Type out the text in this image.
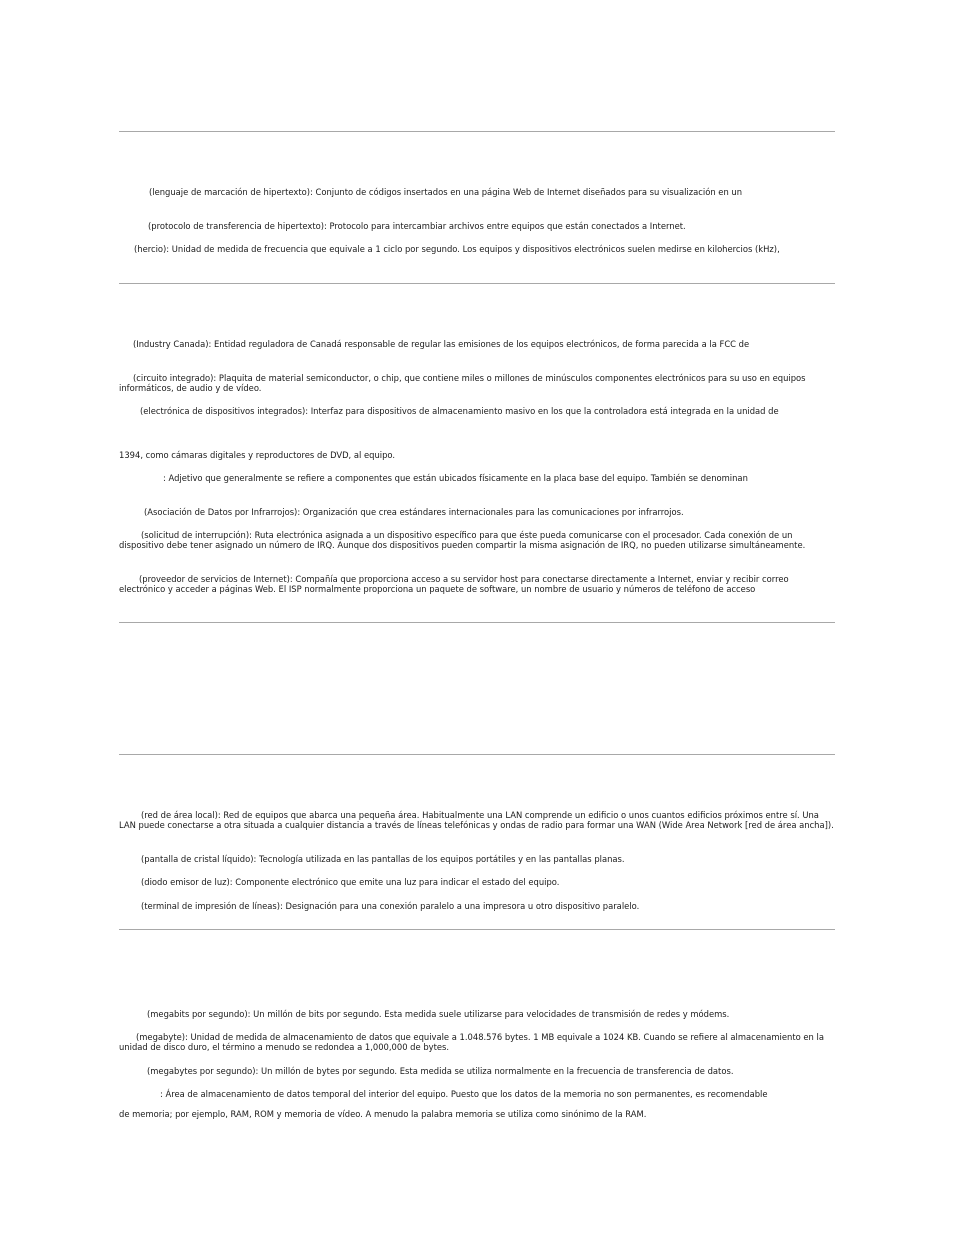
(lenguaje de marcación de hipertexto): Conjunto de códigos insertados en una página Web de Internet diseñados para su visualización en un

(protocolo de transferencia de hipertexto): Protocolo para intercambiar archivos entre equipos que están conectados a Internet.

(hercio): Unidad de medida de frecuencia que equivale a 1 ciclo por segundo. Los equipos y dispositivos electrónicos suelen medirse en kilohercios (kHz),

(Industry Canada): Entidad reguladora de Canadá responsable de regular las emisiones de los equipos electrónicos, de forma parecida a la FCC de

(circuito integrado): Plaquita de material semiconductor, o chip, que contiene miles o millones de minúsculos componentes electrónicos para su uso en equipos informáticos, de audio y de vídeo.

(electrónica de dispositivos integrados): Interfaz para dispositivos de almacenamiento masivo en los que la controladora está integrada en la unidad de

1394, como cámaras digitales y reproductores de DVD, al equipo.

: Adjetivo que generalmente se refiere a componentes que están ubicados físicamente en la placa base del equipo. También se denominan

(Asociación de Datos por Infrarrojos): Organización que crea estándares internacionales para las comunicaciones por infrarrojos.

(solicitud de interrupción): Ruta electrónica asignada a un dispositivo específico para que éste pueda comunicarse con el procesador. Cada conexión de un dispositivo debe tener asignado un número de IRQ. Aunque dos dispositivos pueden compartir la misma asignación de IRQ, no pueden utilizarse simultáneamente.

(proveedor de servicios de Internet): Compañía que proporciona acceso a su servidor host para conectarse directamente a Internet, enviar y recibir correo electrónico y acceder a páginas Web. El ISP normalmente proporciona un paquete de software, un nombre de usuario y números de teléfono de acceso

(red de área local): Red de equipos que abarca una pequeña área. Habitualmente una LAN comprende un edificio o unos cuantos edificios próximos entre sí. Una LAN puede conectarse a otra situada a cualquier distancia a través de líneas telefónicas y ondas de radio para formar una WAN (Wide Area Network [red de área ancha]).

(pantalla de cristal líquido): Tecnología utilizada en las pantallas de los equipos portátiles y en las pantallas planas.

(diodo emisor de luz): Componente electrónico que emite una luz para indicar el estado del equipo.

(terminal de impresión de líneas): Designación para una conexión paralelo a una impresora u otro dispositivo paralelo.

(megabits por segundo): Un millón de bits por segundo. Esta medida suele utilizarse para velocidades de transmisión de redes y módems.

(megabyte): Unidad de medida de almacenamiento de datos que equivale a 1.048.576 bytes. 1 MB equivale a 1024 KB. Cuando se refiere al almacenamiento en la unidad de disco duro, el término a menudo se redondea a 1,000,000 de bytes.

(megabytes por segundo): Un millón de bytes por segundo. Esta medida se utiliza normalmente en la frecuencia de transferencia de datos.

: Área de almacenamiento de datos temporal del interior del equipo. Puesto que los datos de la memoria no son permanentes, es recomendable

de memoria; por ejemplo, RAM, ROM y memoria de vídeo. A menudo la palabra memoria se utiliza como sinónimo de la RAM.
